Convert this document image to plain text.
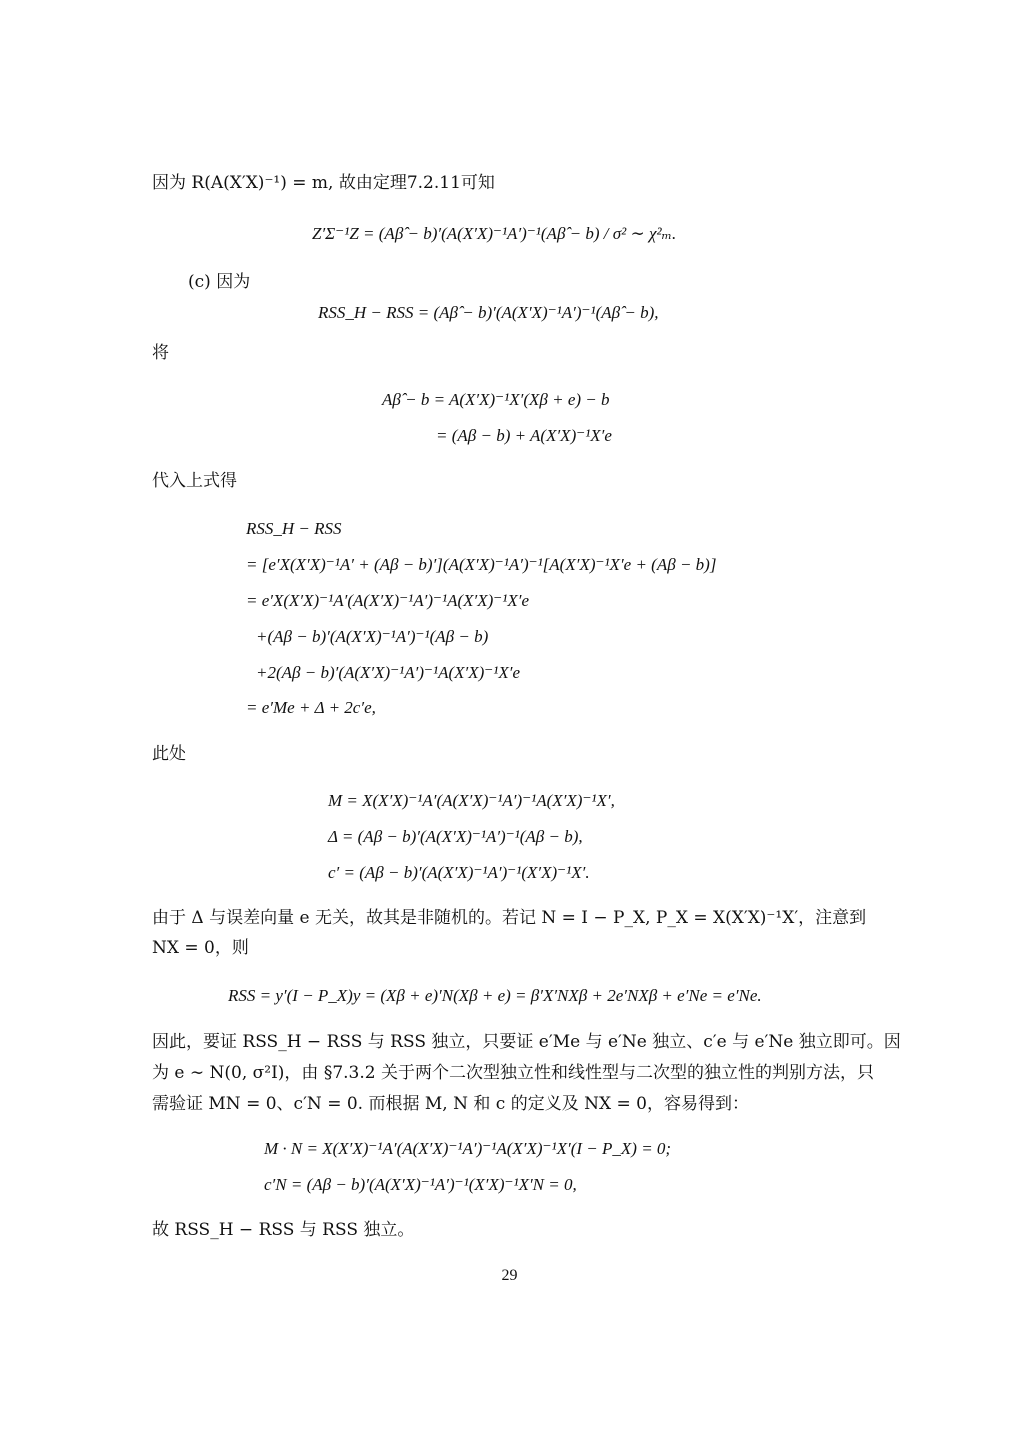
因为 R(A(X′X)⁻¹) = m, 故由定理7.2.11可知
Z′Σ⁻¹Z = (Aβ̂ − b)′(A(X′X)⁻¹A′)⁻¹(Aβ̂ − b) / σ² ∼ χ²ₘ.
(c) 因为
RSS_H − RSS = (Aβ̂ − b)′(A(X′X)⁻¹A′)⁻¹(Aβ̂ − b),
将
Aβ̂ − b = A(X′X)⁻¹X′(Xβ + e) − b
= (Aβ − b) + A(X′X)⁻¹X′e
代入上式得
RSS_H − RSS
= [e′X(X′X)⁻¹A′ + (Aβ − b)′](A(X′X)⁻¹A′)⁻¹[A(X′X)⁻¹X′e + (Aβ − b)]
= e′X(X′X)⁻¹A′(A(X′X)⁻¹A′)⁻¹A(X′X)⁻¹X′e
+(Aβ − b)′(A(X′X)⁻¹A′)⁻¹(Aβ − b)
+2(Aβ − b)′(A(X′X)⁻¹A′)⁻¹A(X′X)⁻¹X′e
= e′Me + Δ + 2c′e,
此处
M = X(X′X)⁻¹A′(A(X′X)⁻¹A′)⁻¹A(X′X)⁻¹X′,
Δ = (Aβ − b)′(A(X′X)⁻¹A′)⁻¹(Aβ − b),
c′ = (Aβ − b)′(A(X′X)⁻¹A′)⁻¹(X′X)⁻¹X′.
由于 Δ 与误差向量 e 无关，故其是非随机的。若记 N = I − P_X, P_X = X(X′X)⁻¹X′，注意到
NX = 0，则
RSS = y′(I − P_X)y = (Xβ + e)′N(Xβ + e) = β′X′NXβ + 2e′NXβ + e′Ne = e′Ne.
因此，要证 RSS_H − RSS 与 RSS 独立，只要证 e′Me 与 e′Ne 独立、c′e 与 e′Ne 独立即可。因
为 e ∼ N(0, σ²I)，由 §7.3.2 关于两个二次型独立性和线性型与二次型的独立性的判别方法，只
需验证 MN = 0、c′N = 0. 而根据 M, N 和 c 的定义及 NX = 0，容易得到：
M · N = X(X′X)⁻¹A′(A(X′X)⁻¹A′)⁻¹A(X′X)⁻¹X′(I − P_X) = 0;
c′N = (Aβ − b)′(A(X′X)⁻¹A′)⁻¹(X′X)⁻¹X′N = 0,
故 RSS_H − RSS 与 RSS 独立。
29
